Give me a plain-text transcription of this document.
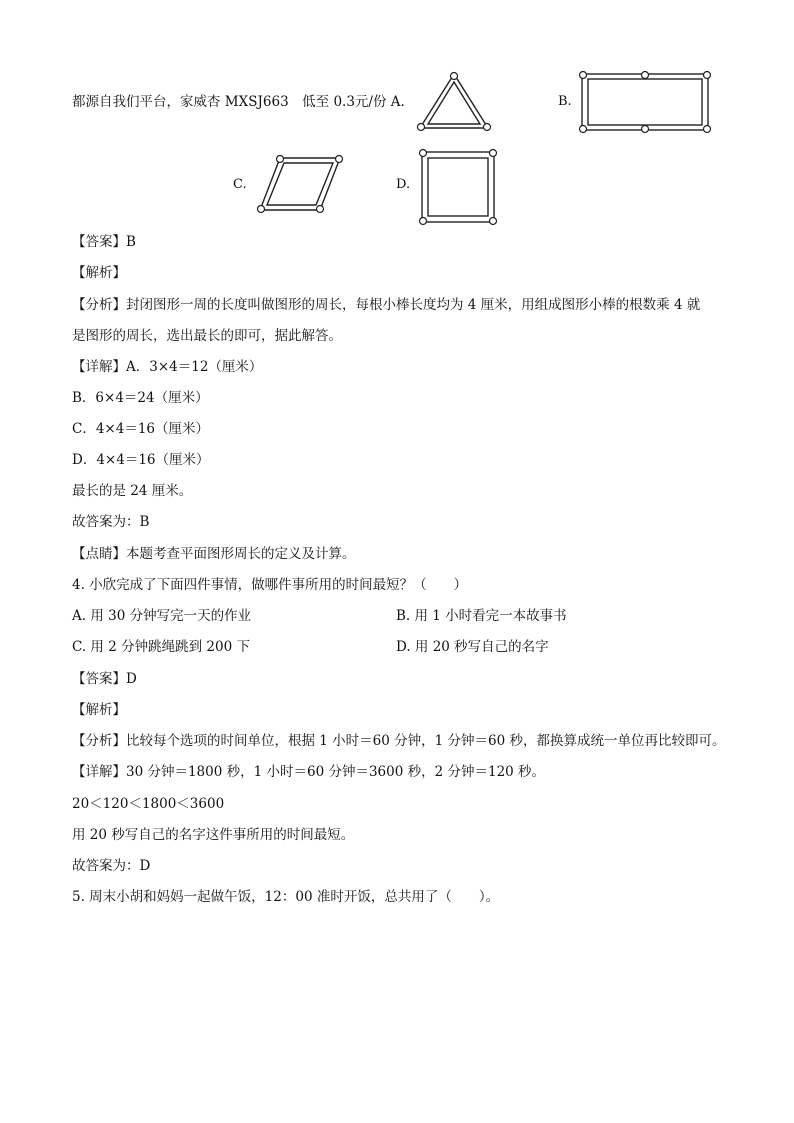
都源自我们平台，家威杏 MXSJ663　低至 0.3元/份 A.	B.
C.	D.
【答案】B
【解析】
【分析】封闭图形一周的长度叫做图形的周长，每根小棒长度均为 4 厘米，用组成图形小棒的根数乘 4 就
是图形的周长，选出最长的即可，据此解答。
【详解】A．3×4＝12（厘米）
B．6×4＝24（厘米）
C．4×4＝16（厘米）
D．4×4＝16（厘米）
最长的是 24 厘米。
故答案为：B
【点睛】本题考查平面图形周长的定义及计算。
4. 小欣完成了下面四件事情，做哪件事所用的时间最短？（　　）
A. 用 30 分钟写完一天的作业	B. 用 1 小时看完一本故事书
C. 用 2 分钟跳绳跳到 200 下	D. 用 20 秒写自己的名字
【答案】D
【解析】
【分析】比较每个选项的时间单位，根据 1 小时＝60 分钟，1 分钟＝60 秒，都换算成统一单位再比较即可。
【详解】30 分钟＝1800 秒，1 小时＝60 分钟＝3600 秒，2 分钟＝120 秒。
20＜120＜1800＜3600
用 20 秒写自己的名字这件事所用的时间最短。
故答案为：D
5. 周末小胡和妈妈一起做午饭，12：00 准时开饭，总共用了（　　）。
